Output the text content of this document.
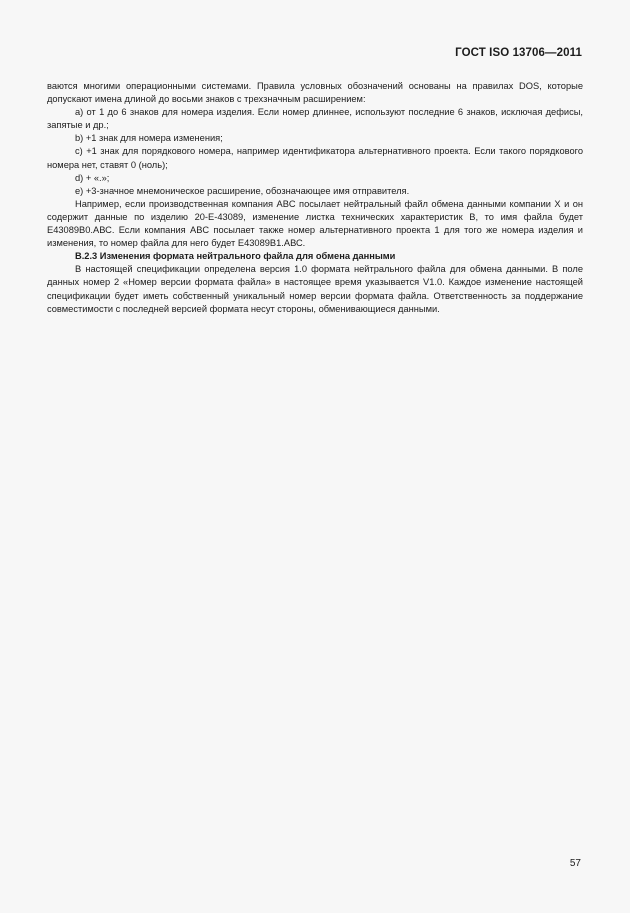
ГОСТ ISO 13706—2011

ваются многими операционными системами. Правила условных обозначений основаны на правилах DOS, которые допускают имена длиной до восьми знаков с трехзначным расширением:

а) от 1 до 6 знаков для номера изделия. Если номер длиннее, используют последние 6 знаков, исключая дефисы, запятые и др.;

b) +1 знак для номера изменения;

с) +1 знак для порядкового номера, например идентификатора альтернативного проекта. Если такого порядкового номера нет, ставят 0 (ноль);

d) + «.»;

е) +3-значное мнемоническое расширение, обозначающее имя отправителя.

Например, если производственная компания ABC посылает нейтральный файл обмена данными компании X и он содержит данные по изделию 20-Е-43089, изменение листка технических характеристик В, то имя файла будет Е43089В0.АВС. Если компания ABC посылает также номер альтернативного проекта 1 для того же номера изделия и изменения, то номер файла для него будет Е43089В1.АВС.

В.2.3 Изменения формата нейтрального файла для обмена данными

В настоящей спецификации определена версия 1.0 формата нейтрального файла для обмена данными. В поле данных номер 2 «Номер версии формата файла» в настоящее время указывается V1.0. Каждое изменение настоящей спецификации будет иметь собственный уникальный номер версии формата файла. Ответственность за поддержание совместимости с последней версией формата несут стороны, обменивающиеся данными.

57
